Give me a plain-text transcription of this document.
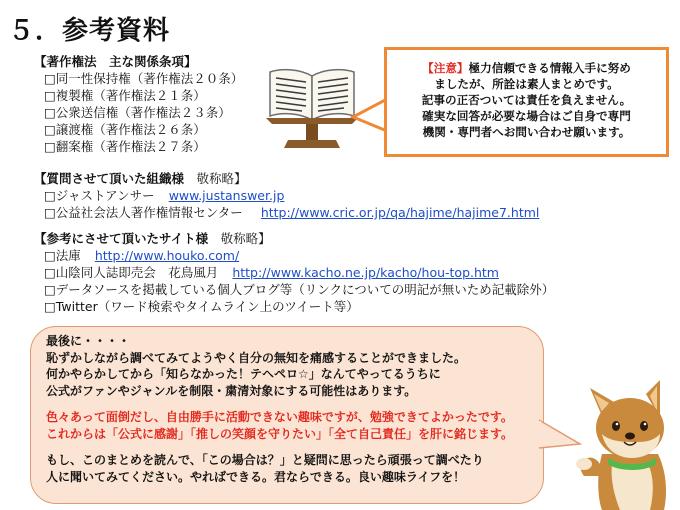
５．参考資料
【著作権法　主な関係条項】
□同一性保持権（著作権法２０条）
□複製権（著作権法２１条）
□公衆送信権（著作権法２３条）
□譲渡権（著作権法２６条）
□翻案権（著作権法２７条）
【注意】極力信頼できる情報入手に努め
ましたが、所詮は素人まとめです。
記事の正否ついては責任を負えません。
確実な回答が必要な場合はご自身で専門
機関・専門者へお問い合わせ願います。
【質問させて頂いた組織様　 敬称略】
□ジャストアンサー www.justanswer.jp
□公益社会法人著作権情報センター http://www.cric.or.jp/qa/hajime/hajime7.html
【参考にさせて頂いたサイト様　 敬称略】
□法庫 http://www.houko.com/
□山陰同人誌即売会　花鳥風月 http://www.kacho.ne.jp/kacho/hou-top.htm
□データソースを掲載している個人ブログ等（リンクについての明記が無いため記載除外）
□Twitter（ワード検索やタイムライン上のツイート等）
最後に・・・・
恥ずかしながら調べてみてようやく自分の無知を痛感することができました。
何かやらかしてから「知らなかった！テヘペロ☆」なんてやってるうちに
公式がファンやジャンルを制限・粛清対象にする可能性はあります。
色々あって面倒だし、自由勝手に活動できない趣味ですが、勉強できてよかったです。
これからは「公式に感謝」「推しの笑顔を守りたい」「全て自己責任」を肝に銘じます。
もし、このまとめを読んで、「この場合は？」と疑問に思ったら頑張って調べたり
人に聞いてみてください。やればできる。君ならできる。良い趣味ライフを！
